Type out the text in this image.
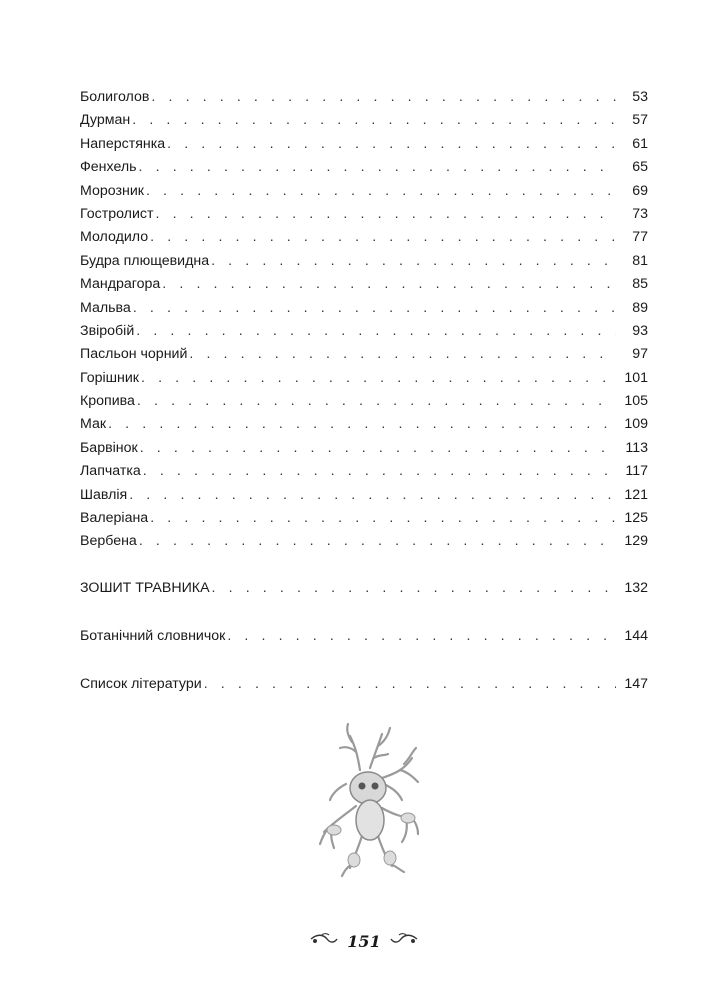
Болиголов . . .	53
Дурман . . .	57
Наперстянка . . .	61
Фенхель . . .	65
Морозник . . .	69
Гостролист . . .	73
Молодило . . .	77
Будра плющевидна . . .	81
Мандрагора . . .	85
Мальва . . .	89
Звіробій . . .	93
Пасльон чорний . . .	97
Горішник . . .	101
Кропива . . .	105
Мак . . .	109
Барвінок . . .	113
Лапчатка . . .	117
Шавлія . . .	121
Валеріана . . .	125
Вербена . . .	129
ЗОШИТ ТРАВНИКА . . .	132
Ботанічний словничок . . .	144
Список літератури . . .	147
151
